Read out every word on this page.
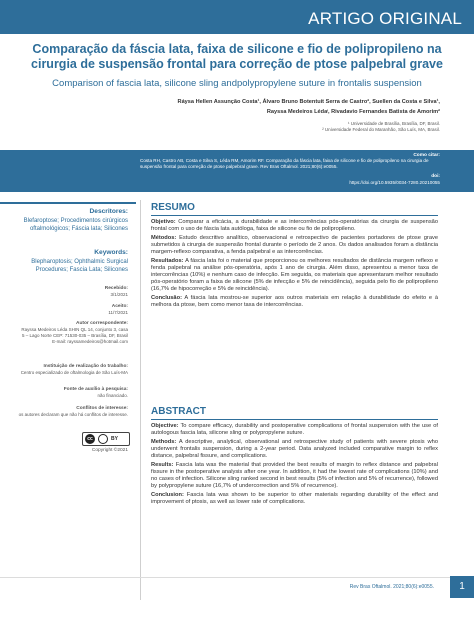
ARTIGO ORIGINAL
Comparação da fáscia lata, faixa de silicone e fio de polipropileno na cirurgia de suspensão frontal para correção de ptose palpebral grave
Comparison of fascia lata, silicone sling andpolypropylene suture in frontalis suspension
Ráysa Hellen Assunção Costa¹, Álvaro Bruno Botentuit Serra de Castro², Suellen da Costa e Silva¹,
Rayssa Medeiros Lédaᶦ, Rivadavio Fernandes Batista de Amorim²
¹ Universidade de Brasília, Brasília, DF, Brasil.
² Universidade Federal do Maranhão, São Luís, MA, Brasil.
Como citar:
Costa RH, Castro AB, Costa e Silva S, Léda RM, Amorim RF. Comparação da fáscia lata, faixa de silicone e fio de polipropileno na cirurgia de suspensão frontal para correção de ptose palpebral grave. Rev Bras Oftalmol. 2021;80(6):e0055.
doi:
https://doi.org/10.5935/0034-7280.20210055
Descritores:
Blefaroptose; Procedimentos cirúrgicos oftalmológicos; Fáscia lata; Silicones
Keywords:
Blepharoptosis; Ophthalmic Surgical Procedures; Fascia Lata; Silicones
Recebido:
3/1/2021
Aceito:
11/7/2021
Autor correspondente:
Rayssa Medeiros Léda SHIN QL 14, conjunto 3, casa 5 – Lago Norte CEP: 71530-035 – Brasília, DF, Brasil E-mail: rayssamedeiros@hotmail.com
Instituição de realização do trabalho:
Centro especializado de oftalmologia de São Luís-MA
Fonte de auxílio à pesquisa:
não financiado.
Conflitos de interesse:
os autores declaram que não há conflitos de interesse.
cc	BY
Copyright ©2021
RESUMO

Objetivo: Comparar a eficácia, a durabilidade e as intercorrências pós-operatórias da cirurgia de suspensão frontal com o uso de fáscia lata autóloga, faixa de silicone ou fio de polipropileno.

Métodos: Estudo descritivo analítico, observacional e retrospectivo de pacientes portadores de ptose grave submetidos à cirurgia de suspensão frontal durante o período de 2 anos. Os dados analisados foram a distância margem-reflexo comparativa, a fenda palpebral e as intercorrências.

Resultados: A fáscia lata foi o material que proporcionou os melhores resultados de distância margem reflexo e fenda palpebral na análise pós-operatória, após 1 ano de cirurgia. Além disso, apresentou a menor taxa de intercorrências (10%) e nenhum caso de infecção. Em seguida, os materiais que apresentaram melhor resultado pós-operatório foram a faixa de silicone (5% de infecção e 5% de reincidência), seguida pelo fio de polipropileno (16,7% de hipocorreção e 5% de reincidência).

Conclusão: A fáscia lata mostrou-se superior aos outros materiais em relação à durabilidade do efeito e à melhora da ptose, bem como menor taxa de intercorrências.

ABSTRACT

Objective: To compare efficacy, durability and postoperative complications of frontal suspension with the use of autologous fascia lata, silicone sling or polypropylene suture.

Methods: A descriptive, analytical, observational and retrospective study of patients with severe ptosis who underwent frontalis suspension, during a 2-year period. Data analyzed included comparative margin to reflex distance, palpebral fissure, and complications.

Results: Fascia lata was the material that provided the best results of margin to reflex distance and palpebral fissure in the postoperative analysis after one year. In addition, it had the lowest rate of complications (10%) and no cases of infection. Silicone sling ranked second in best results (5% of infection and 5% of recurrence), followed by polypropylene suture (16,7% of undercorrection and 5% of recurrence).

Conclusion: Fascia lata was shown to be superior to other materials regarding durability of the effect and improvement of ptosis, as well as lower rate of complications.

Rev Bras Oftalmol. 2021;80(6):e0055.	1
